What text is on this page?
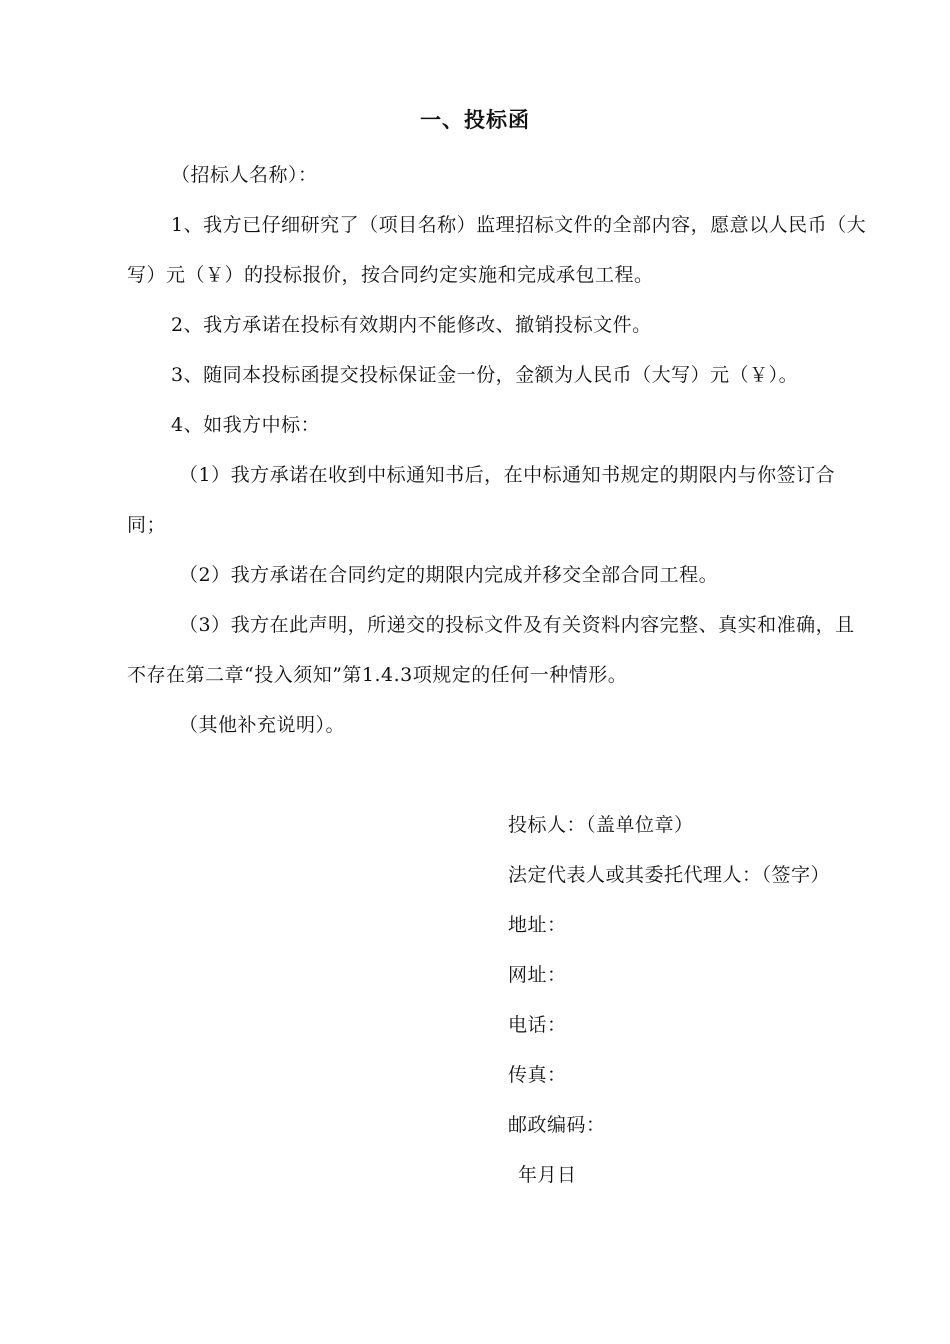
一、投标函

（招标人名称）：

1、我方已仔细研究了（项目名称）监理招标文件的全部内容，愿意以人民币（大写）元（￥）的投标报价，按合同约定实施和完成承包工程。

2、我方承诺在投标有效期内不能修改、撤销投标文件。

3、随同本投标函提交投标保证金一份，金额为人民币（大写）元（￥）。

4、如我方中标：

（1）我方承诺在收到中标通知书后，在中标通知书规定的期限内与你签订合同；

（2）我方承诺在合同约定的期限内完成并移交全部合同工程。

（3）我方在此声明，所递交的投标文件及有关资料内容完整、真实和准确，且不存在第二章“投入须知”第1.4.3项规定的任何一种情形。

（其他补充说明）。

投标人：（盖单位章）
法定代表人或其委托代理人：（签字）
地址：
网址：
电话：
传真：
邮政编码：
年月日
